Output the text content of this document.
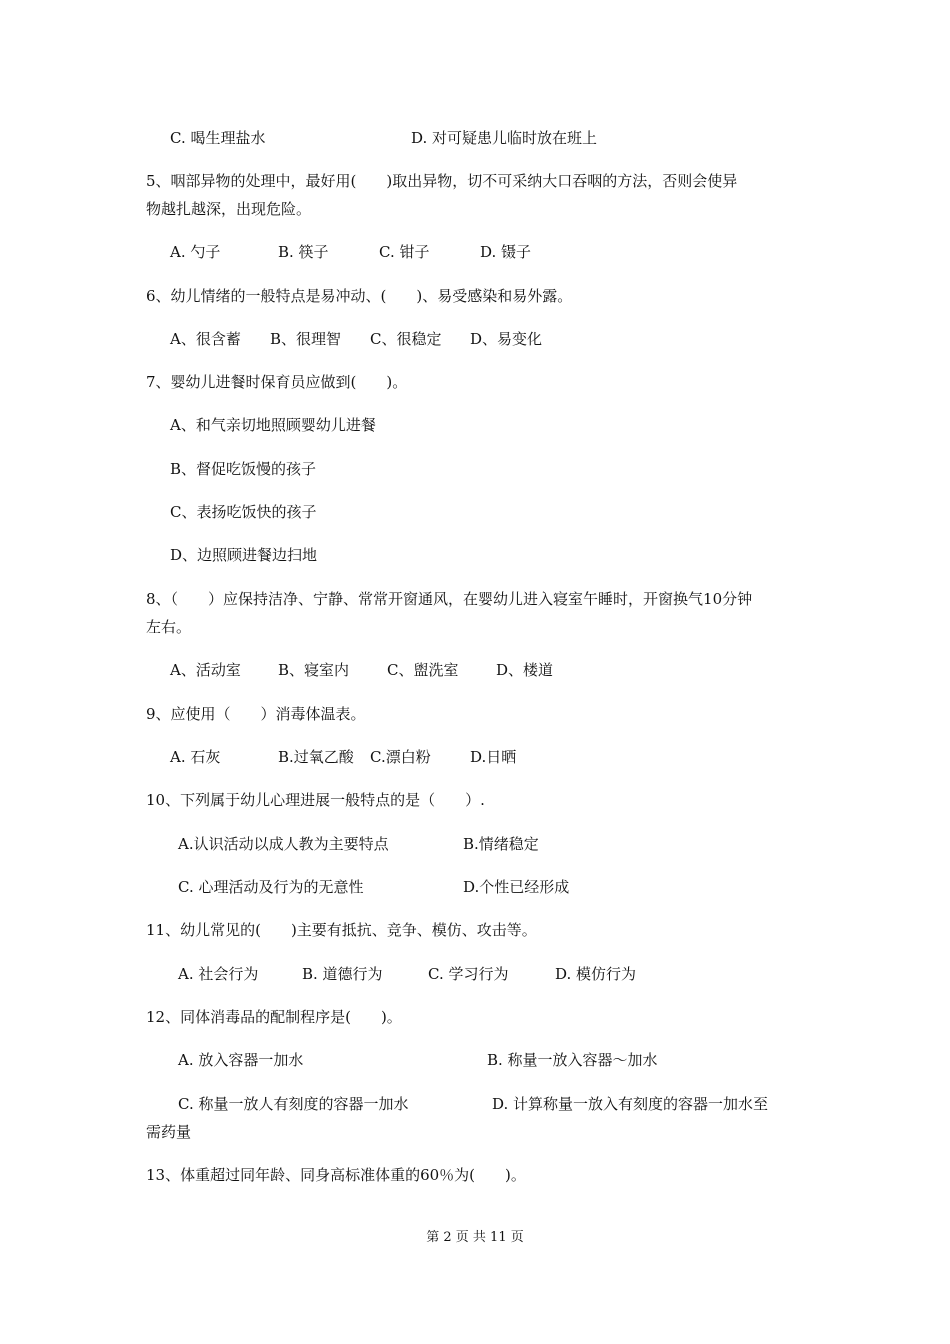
C. 喝生理盐水	D. 对可疑患儿临时放在班上

5、咽部异物的处理中，最好用(　　)取出异物，切不可采纳大口吞咽的方法，否则会使异

物越扎越深，出现危险。

A. 勺子	B. 筷子	C. 钳子	D. 镊子

6、幼儿情绪的一般特点是易冲动、(　　)、易受感染和易外露。

A、很含蓄 B、很理智 C、很稳定 D、易变化

7、婴幼儿进餐时保育员应做到(　　)。

A、和气亲切地照顾婴幼儿进餐

B、督促吃饭慢的孩子

C、表扬吃饭快的孩子

D、边照顾进餐边扫地

8、（　　）应保持洁净、宁静、常常开窗通风，在婴幼儿进入寝室午睡时，开窗换气10分钟

左右。

A、活动室 B、寝室内	C、盥洗室	D、楼道

9、应使用（　　）消毒体温表。

A. 石灰	B.过氧乙酸 C.漂白粉	D.日晒

10、下列属于幼儿心理进展一般特点的是（　　）.

A.认识活动以成人教为主要特点	B.情绪稳定

C. 心理活动及行为的无意性	D.个性已经形成

11、幼儿常见的(　　)主要有抵抗、竞争、模仿、攻击等。

A. 社会行为	B. 道德行为	C. 学习行为	D. 模仿行为

12、同体消毒品的配制程序是(　　)。

A. 放入容器一加水	B. 称量一放入容器～加水

C. 称量一放人有刻度的容器一加水	D. 计算称量一放入有刻度的容器一加水至

需药量

13、体重超过同年龄、同身高标准体重的60％为(　　)。

第 2 页 共 11 页
